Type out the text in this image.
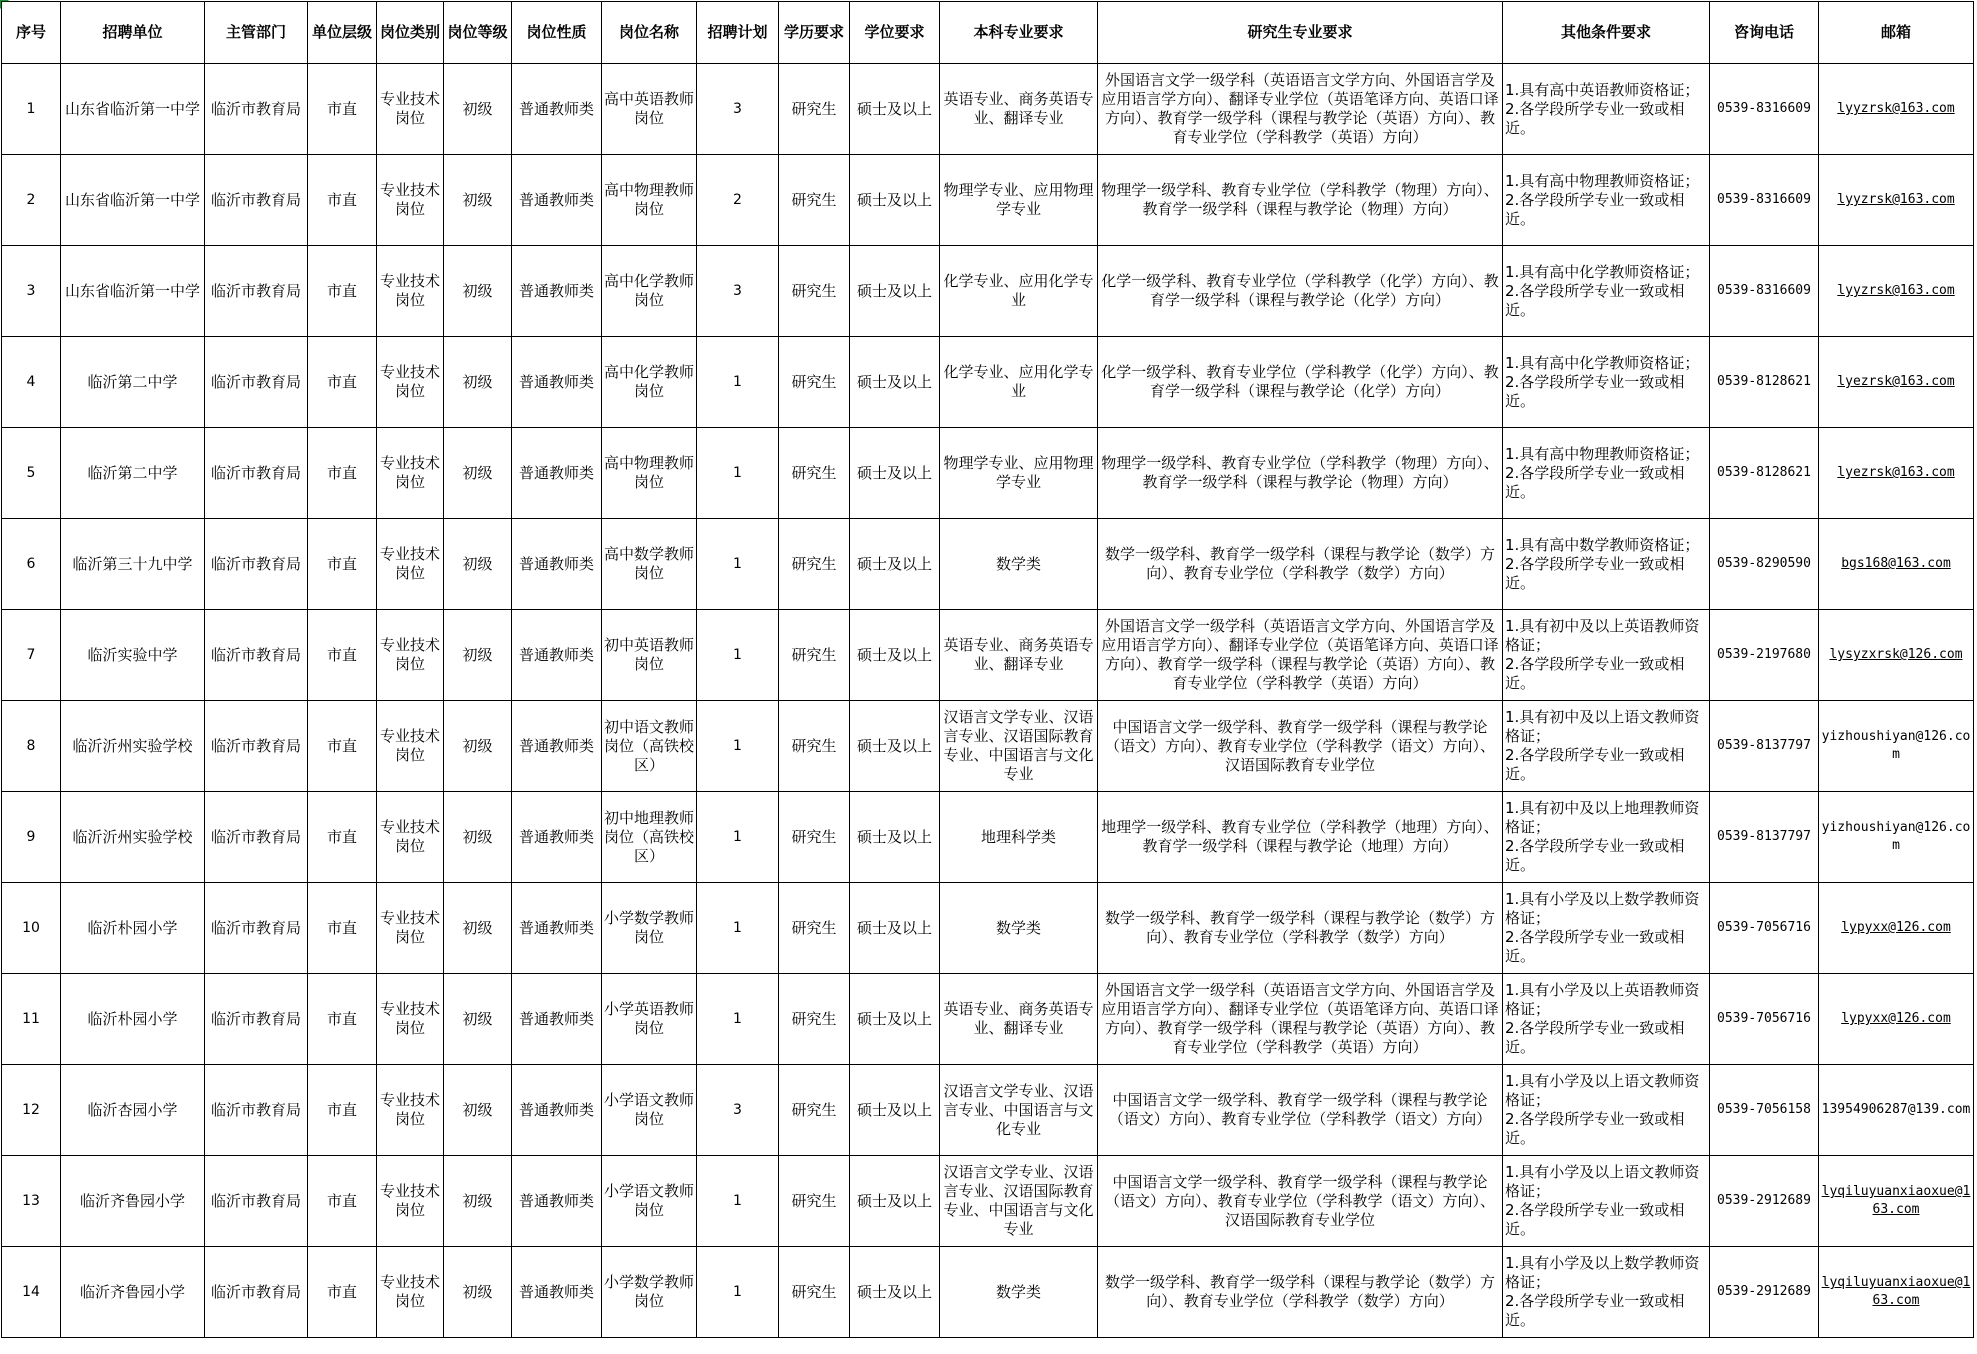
序号	招聘单位	主管部门	单位层级	岗位类别	岗位等级	岗位性质	岗位名称	招聘计划	学历要求	学位要求	本科专业要求	研究生专业要求	其他条件要求	咨询电话	邮箱
1	山东省临沂第一中学	临沂市教育局	市直	专业技术岗位	初级	普通教师类	高中英语教师岗位	3	研究生	硕士及以上	英语专业、商务英语专业、翻译专业	外国语言文学一级学科（英语语言文学方向、外国语言学及应用语言学方向）、翻译专业学位（英语笔译方向、英语口译方向）、教育学一级学科（课程与教学论（英语）方向）、教育专业学位（学科教学（英语）方向）	1.具有高中英语教师资格证；
2.各学段所学专业一致或相近。	0539-8316609	lyyzrsk@163.com
2	山东省临沂第一中学	临沂市教育局	市直	专业技术岗位	初级	普通教师类	高中物理教师岗位	2	研究生	硕士及以上	物理学专业、应用物理学专业	物理学一级学科、教育专业学位（学科教学（物理）方向）、教育学一级学科（课程与教学论（物理）方向）	1.具有高中物理教师资格证；
2.各学段所学专业一致或相近。	0539-8316609	lyyzrsk@163.com
3	山东省临沂第一中学	临沂市教育局	市直	专业技术岗位	初级	普通教师类	高中化学教师岗位	3	研究生	硕士及以上	化学专业、应用化学专业	化学一级学科、教育专业学位（学科教学（化学）方向）、教育学一级学科（课程与教学论（化学）方向）	1.具有高中化学教师资格证；
2.各学段所学专业一致或相近。	0539-8316609	lyyzrsk@163.com
4	临沂第二中学	临沂市教育局	市直	专业技术岗位	初级	普通教师类	高中化学教师岗位	1	研究生	硕士及以上	化学专业、应用化学专业	化学一级学科、教育专业学位（学科教学（化学）方向）、教育学一级学科（课程与教学论（化学）方向）	1.具有高中化学教师资格证；
2.各学段所学专业一致或相近。	0539-8128621	lyezrsk@163.com
5	临沂第二中学	临沂市教育局	市直	专业技术岗位	初级	普通教师类	高中物理教师岗位	1	研究生	硕士及以上	物理学专业、应用物理学专业	物理学一级学科、教育专业学位（学科教学（物理）方向）、教育学一级学科（课程与教学论（物理）方向）	1.具有高中物理教师资格证；
2.各学段所学专业一致或相近。	0539-8128621	lyezrsk@163.com
6	临沂第三十九中学	临沂市教育局	市直	专业技术岗位	初级	普通教师类	高中数学教师岗位	1	研究生	硕士及以上	数学类	数学一级学科、教育学一级学科（课程与教学论（数学）方向）、教育专业学位（学科教学（数学）方向）	1.具有高中数学教师资格证；
2.各学段所学专业一致或相近。	0539-8290590	bgs168@163.com
7	临沂实验中学	临沂市教育局	市直	专业技术岗位	初级	普通教师类	初中英语教师岗位	1	研究生	硕士及以上	英语专业、商务英语专业、翻译专业	外国语言文学一级学科（英语语言文学方向、外国语言学及应用语言学方向）、翻译专业学位（英语笔译方向、英语口译方向）、教育学一级学科（课程与教学论（英语）方向）、教育专业学位（学科教学（英语）方向）	1.具有初中及以上英语教师资格证；
2.各学段所学专业一致或相近。	0539-2197680	lysyzxrsk@126.com
8	临沂沂州实验学校	临沂市教育局	市直	专业技术岗位	初级	普通教师类	初中语文教师岗位（高铁校区）	1	研究生	硕士及以上	汉语言文学专业、汉语言专业、汉语国际教育专业、中国语言与文化专业	中国语言文学一级学科、教育学一级学科（课程与教学论（语文）方向）、教育专业学位（学科教学（语文）方向）、汉语国际教育专业学位	1.具有初中及以上语文教师资格证；
2.各学段所学专业一致或相近。	0539-8137797	yizhoushiyan@126.com
9	临沂沂州实验学校	临沂市教育局	市直	专业技术岗位	初级	普通教师类	初中地理教师岗位（高铁校区）	1	研究生	硕士及以上	地理科学类	地理学一级学科、教育专业学位（学科教学（地理）方向）、教育学一级学科（课程与教学论（地理）方向）	1.具有初中及以上地理教师资格证；
2.各学段所学专业一致或相近。	0539-8137797	yizhoushiyan@126.com
10	临沂朴园小学	临沂市教育局	市直	专业技术岗位	初级	普通教师类	小学数学教师岗位	1	研究生	硕士及以上	数学类	数学一级学科、教育学一级学科（课程与教学论（数学）方向）、教育专业学位（学科教学（数学）方向）	1.具有小学及以上数学教师资格证；
2.各学段所学专业一致或相近。	0539-7056716	lypyxx@126.com
11	临沂朴园小学	临沂市教育局	市直	专业技术岗位	初级	普通教师类	小学英语教师岗位	1	研究生	硕士及以上	英语专业、商务英语专业、翻译专业	外国语言文学一级学科（英语语言文学方向、外国语言学及应用语言学方向）、翻译专业学位（英语笔译方向、英语口译方向）、教育学一级学科（课程与教学论（英语）方向）、教育专业学位（学科教学（英语）方向）	1.具有小学及以上英语教师资格证；
2.各学段所学专业一致或相近。	0539-7056716	lypyxx@126.com
12	临沂杏园小学	临沂市教育局	市直	专业技术岗位	初级	普通教师类	小学语文教师岗位	3	研究生	硕士及以上	汉语言文学专业、汉语言专业、中国语言与文化专业	中国语言文学一级学科、教育学一级学科（课程与教学论（语文）方向）、教育专业学位（学科教学（语文）方向）	1.具有小学及以上语文教师资格证；
2.各学段所学专业一致或相近。	0539-7056158	13954906287@139.com
13	临沂齐鲁园小学	临沂市教育局	市直	专业技术岗位	初级	普通教师类	小学语文教师岗位	1	研究生	硕士及以上	汉语言文学专业、汉语言专业、汉语国际教育专业、中国语言与文化专业	中国语言文学一级学科、教育学一级学科（课程与教学论（语文）方向）、教育专业学位（学科教学（语文）方向）、汉语国际教育专业学位	1.具有小学及以上语文教师资格证；
2.各学段所学专业一致或相近。	0539-2912689	lyqiluyuanxiaoxue@163.com
14	临沂齐鲁园小学	临沂市教育局	市直	专业技术岗位	初级	普通教师类	小学数学教师岗位	1	研究生	硕士及以上	数学类	数学一级学科、教育学一级学科（课程与教学论（数学）方向）、教育专业学位（学科教学（数学）方向）	1.具有小学及以上数学教师资格证；
2.各学段所学专业一致或相近。	0539-2912689	lyqiluyuanxiaoxue@163.com
